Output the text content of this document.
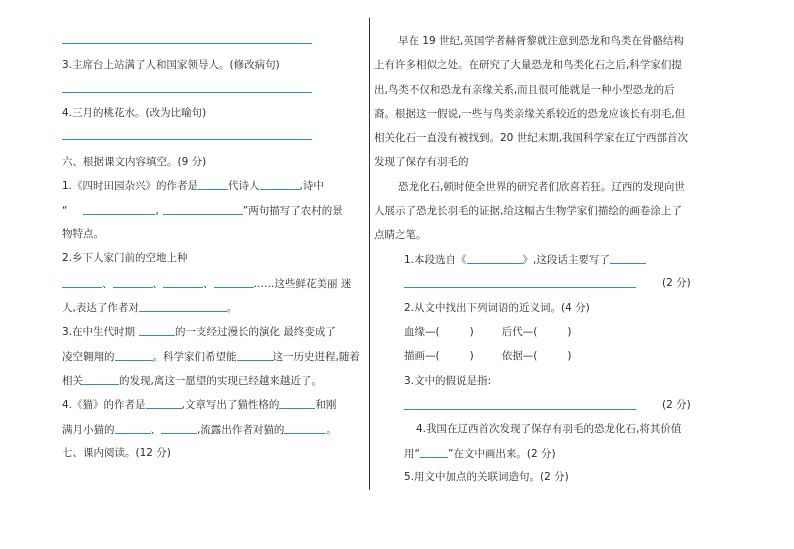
3.主席台上站满了人和国家领导人。(修改病句)
4.三月的桃花水。(改为比喻句)
六、根据课文内容填空。(9 分)
1.《四时田园杂兴》的作者是	代诗人	,诗中
“	,	”两句描写了农村的景
物特点。
2.乡下人家门前的空地上种
、	、	、	……这些鲜花美丽 迷
人,表达了作者对	。
3.在中生代时期	的一支经过漫长的演化 最终变成了
凌空翱翔的	。科学家们希望能	这一历史进程,随着
相关	的发现,离这一愿望的实现已经越来越近了。
4.《猫》的作者是	,文章写出了猫性格的	和刚
满月小猫的	、	,流露出作者对猫的	。
七、课内阅读。(12 分)
早在 19 世纪,英国学者赫胥黎就注意到恐龙和鸟类在骨骼结构
上有许多相似之处。在研究了大量恐龙和鸟类化石之后,科学家们提
出,鸟类不仅和恐龙有亲缘关系,而且很可能就是一种小型恐龙的后
裔。根据这一假说,一些与鸟类亲缘关系较近的恐龙应该长有羽毛,但
相关化石一直没有被找到。20 世纪末期,我国科学家在辽宁西部首次
发现了保存有羽毛的
恐龙化石,顿时使全世界的研究者们欣喜若狂。辽西的发现向世
人展示了恐龙长羽毛的证据,给这幅古生物学家们描绘的画卷涂上了
点睛之笔。
1.本段选自《	》,这段话主要写了
(2 分)
2.从文中找出下列词语的近义词。(4 分)
血缘—(	)	后代—(	)
描画—(	)	依据—(	)
3.文中的假说是指:
(2 分)
4.我国在辽西首次发现了保存有羽毛的恐龙化石,将其价值
用“	”在文中画出来。(2 分)
5.用文中加点的关联词造句。(2 分)
